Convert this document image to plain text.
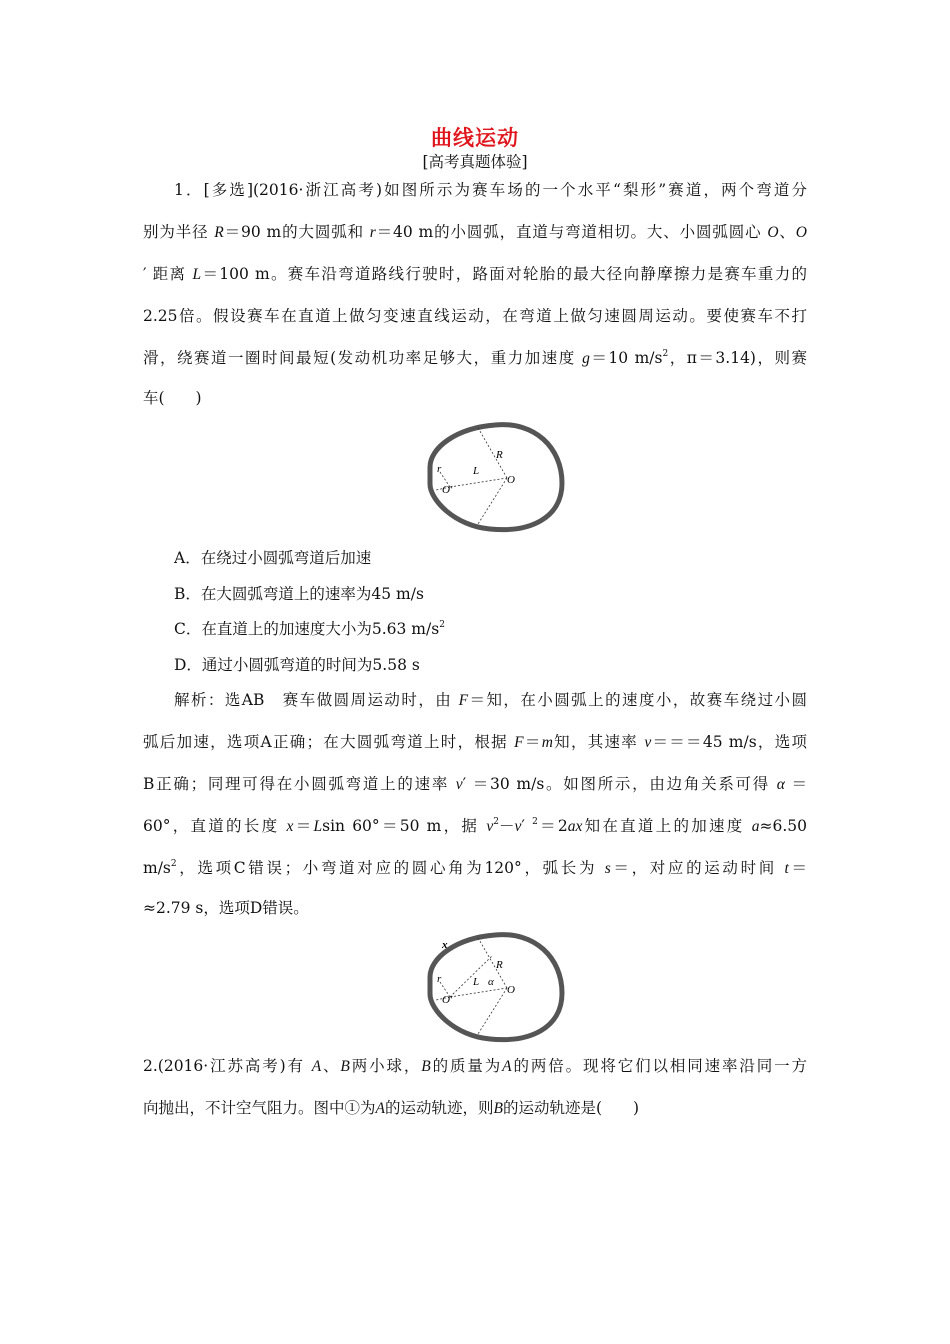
曲线运动
[高考真题体验]
1．[多选](2016·浙江高考)如图所示为赛车场的一个水平“梨形”赛道，两个弯道分
别为半径 R＝90 m的大圆弧和 r＝40 m的小圆弧，直道与弯道相切。大、小圆弧圆心 O、O
′ 距离 L＝100 m。赛车沿弯道路线行驶时，路面对轮胎的最大径向静摩擦力是赛车重力的
2.25倍。假设赛车在直道上做匀变速直线运动，在弯道上做匀速圆周运动。要使赛车不打
滑，绕赛道一圈时间最短(发动机功率足够大，重力加速度 g＝10 $m/s^2$，π＝3.14)，则赛
车(　　)
r
R
L
O′
O
A．在绕过小圆弧弯道后加速
B．在大圆弧弯道上的速率为45 m/s
C．在直道上的加速度大小为5.63 $m/s^2$
D．通过小圆弧弯道的时间为5.58 s
解析：选AB　赛车做圆周运动时，由 F＝知，在小圆弧上的速度小，故赛车绕过小圆
弧后加速，选项A正确；在大圆弧弯道上时，根据 F＝m知，其速率 v＝＝＝45 m/s，选项
B正确；同理可得在小圆弧弯道上的速率 v′ ＝30 m/s。如图所示，由边角关系可得 α ＝
60°，直道的长度 x＝Lsin 60°＝50 m，据 $v^2-v'$ $^2$＝2ax知在直道上的加速度 a≈6.50
$m/s^2$，选项C错误；小弯道对应的圆心角为120°，弧长为 s＝，对应的运动时间 t＝
≈2.79 s，选项D错误。
x
r
R
L α
O′
O
2.(2016·江苏高考)有 A、B两小球，B的质量为A的两倍。现将它们以相同速率沿同一方
向抛出，不计空气阻力。图中①为A的运动轨迹，则B的运动轨迹是(　　)
